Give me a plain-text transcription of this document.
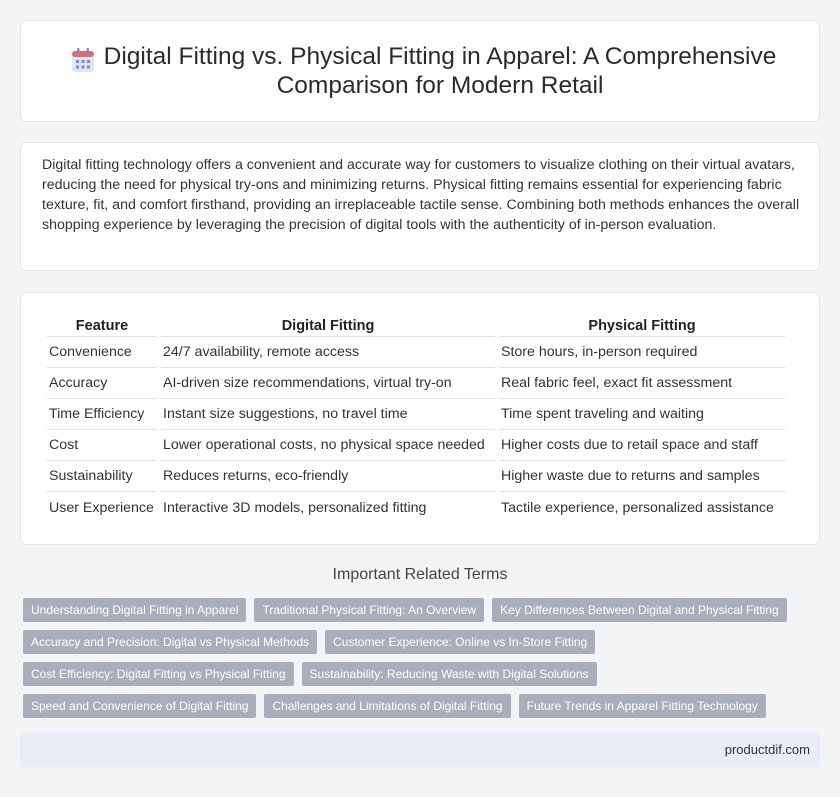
Digital Fitting vs. Physical Fitting in Apparel: A Comprehensive Comparison for Modern Retail

Digital fitting technology offers a convenient and accurate way for customers to visualize clothing on their virtual avatars, reducing the need for physical try-ons and minimizing returns. Physical fitting remains essential for experiencing fabric texture, fit, and comfort firsthand, providing an irreplaceable tactile sense. Combining both methods enhances the overall shopping experience by leveraging the precision of digital tools with the authenticity of in-person evaluation.

Feature	Digital Fitting	Physical Fitting
Convenience	24/7 availability, remote access	Store hours, in-person required
Accuracy	AI-driven size recommendations, virtual try-on	Real fabric feel, exact fit assessment
Time Efficiency	Instant size suggestions, no travel time	Time spent traveling and waiting
Cost	Lower operational costs, no physical space needed	Higher costs due to retail space and staff
Sustainability	Reduces returns, eco-friendly	Higher waste due to returns and samples
User Experience	Interactive 3D models, personalized fitting	Tactile experience, personalized assistance
Important Related Terms
Understanding Digital Fitting in Apparel	Traditional Physical Fitting: An Overview	Key Differences Between Digital and Physical Fitting
Accuracy and Precision: Digital vs Physical Methods	Customer Experience: Online vs In-Store Fitting
Cost Efficiency: Digital Fitting vs Physical Fitting	Sustainability: Reducing Waste with Digital Solutions
Speed and Convenience of Digital Fitting	Challenges and Limitations of Digital Fitting	Future Trends in Apparel Fitting Technology
productdif.com
